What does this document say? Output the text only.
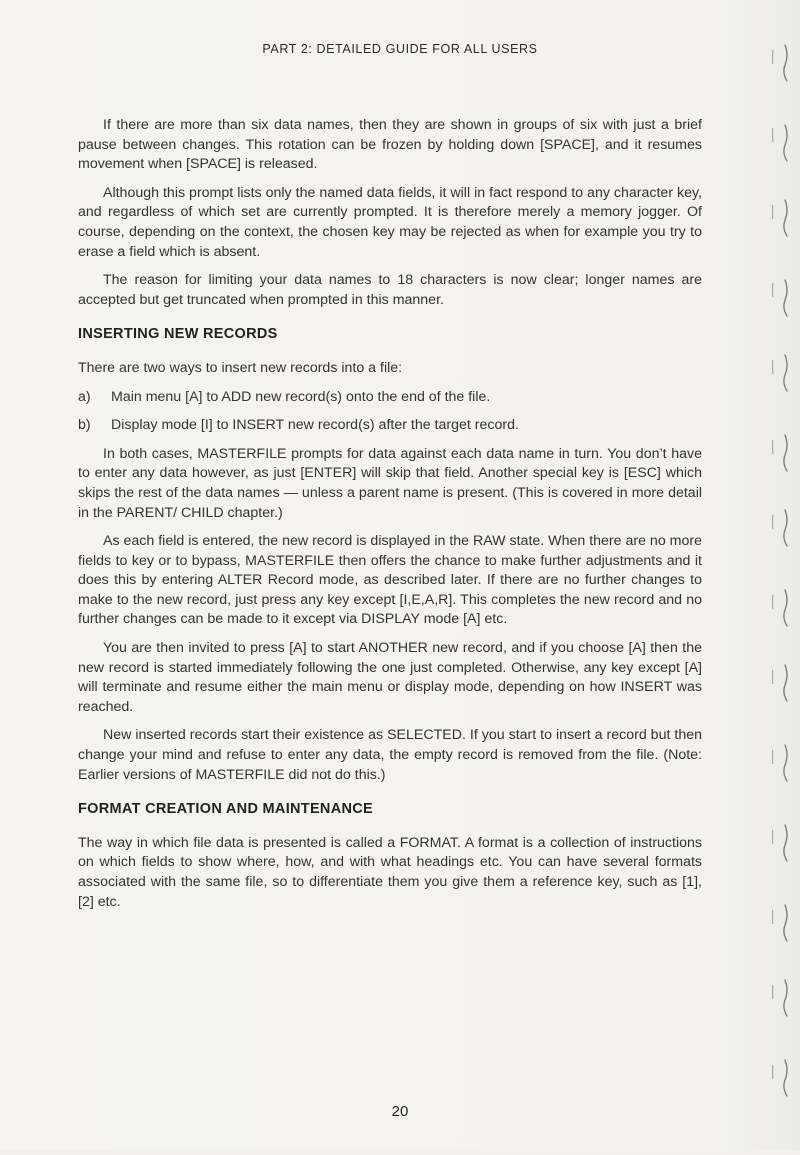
PART 2: DETAILED GUIDE FOR ALL USERS

If there are more than six data names, then they are shown in groups of six with just a brief pause between changes. This rotation can be frozen by holding down [SPACE], and it resumes movement when [SPACE] is released.

Although this prompt lists only the named data fields, it will in fact respond to any character key, and regardless of which set are currently prompted. It is therefore merely a memory jogger. Of course, depending on the context, the chosen key may be rejected as when for example you try to erase a field which is absent.

The reason for limiting your data names to 18 characters is now clear; longer names are accepted but get truncated when prompted in this manner.

INSERTING NEW RECORDS

There are two ways to insert new records into a file:

a)	Main menu [A] to ADD new record(s) onto the end of the file.
b)	Display mode [I] to INSERT new record(s) after the target record.

In both cases, MASTERFILE prompts for data against each data name in turn. You don’t have to enter any data however, as just [ENTER] will skip that field. Another special key is [ESC] which skips the rest of the data names — unless a parent name is present. (This is covered in more detail in the PARENT/ CHILD chapter.)

As each field is entered, the new record is displayed in the RAW state. When there are no more fields to key or to bypass, MASTERFILE then offers the chance to make further adjustments and it does this by entering ALTER Record mode, as described later. If there are no further changes to make to the new record, just press any key except [I,E,A,R]. This completes the new record and no further changes can be made to it except via DISPLAY mode [A] etc.

You are then invited to press [A] to start ANOTHER new record, and if you choose [A] then the new record is started immediately following the one just completed. Otherwise, any key except [A] will terminate and resume either the main menu or display mode, depending on how INSERT was reached.

New inserted records start their existence as SELECTED. If you start to insert a record but then change your mind and refuse to enter any data, the empty record is removed from the file. (Note: Earlier versions of MASTERFILE did not do this.)

FORMAT CREATION AND MAINTENANCE

The way in which file data is presented is called a FORMAT. A format is a collection of instructions on which fields to show where, how, and with what headings etc. You can have several formats associated with the same file, so to differentiate them you give them a reference key, such as [1], [2] etc.

20
